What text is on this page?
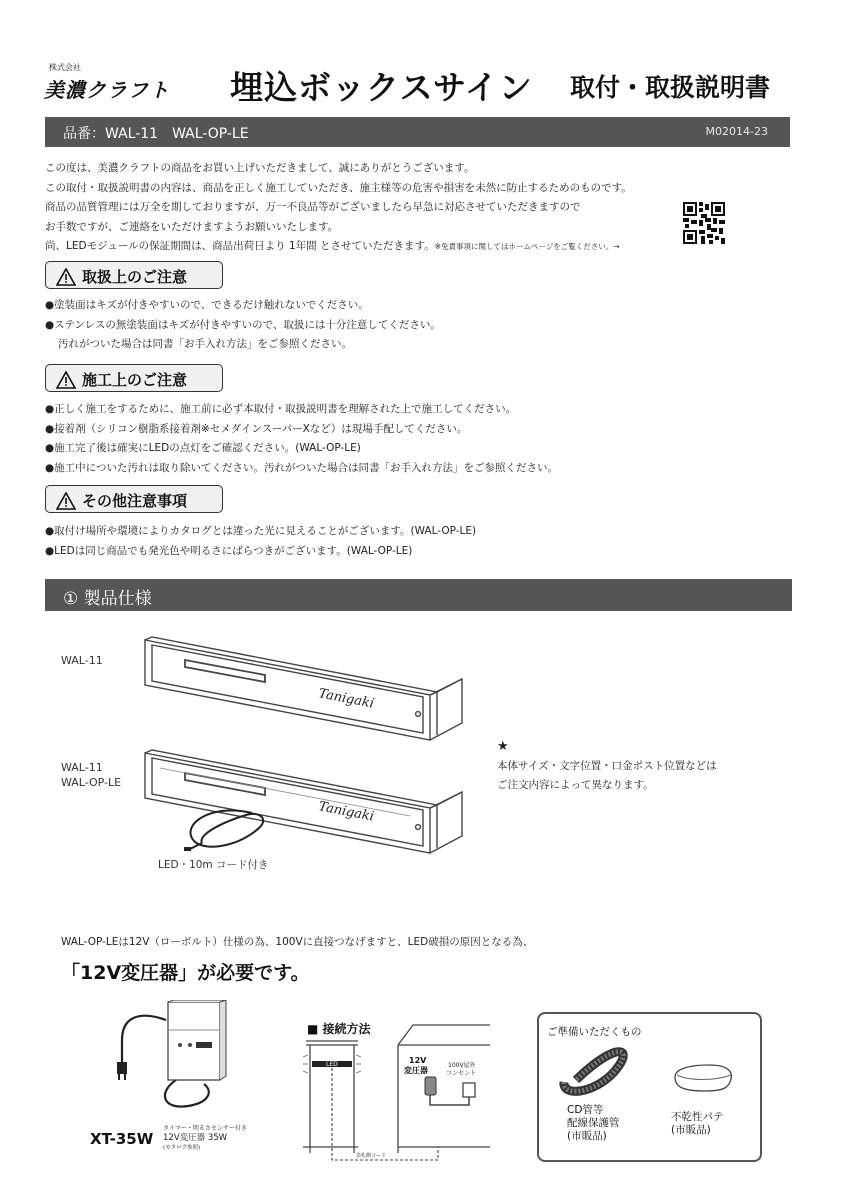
株式会社
美濃クラフト 埋込ボックスサイン 取付・取扱説明書
品番：WAL-11　WAL-OP-LE	M02014-23
この度は、美濃クラフトの商品をお買い上げいただきまして、誠にありがとうございます。
この取付・取扱説明書の内容は、商品を正しく施工していただき、施主様等の危害や損害を未然に防止するためのものです。
商品の品質管理には万全を期しておりますが、万一不良品等がございましたら早急に対応させていただきますので
お手数ですが、ご連絡をいただけますようお願いいたします。
尚、LEDモジュールの保証期間は、商品出荷日より 1年間 とさせていただきます。※免責事項に関してはホームページをご覧ください。→
取扱上のご注意
●塗装面はキズが付きやすいので、できるだけ触れないでください。
●ステンレスの無塗装面はキズが付きやすいので、取扱には十分注意してください。
汚れがついた場合は同書「お手入れ方法」をご参照ください。
施工上のご注意
●正しく施工をするために、施工前に必ず本取付・取扱説明書を理解された上で施工してください。
●接着剤（シリコン樹脂系接着剤※セメダインスーパーXなど）は現場手配してください。
●施工完了後は確実にLEDの点灯をご確認ください。(WAL-OP-LE)
●施工中についた汚れは取り除いてください。汚れがついた場合は同書「お手入れ方法」をご参照ください。
その他注意事項
●取付け場所や環境によりカタログとは違った光に見えることがございます。(WAL-OP-LE)
●LEDは同じ商品でも発光色や明るさにばらつきがございます。(WAL-OP-LE)
① 製品仕様
WAL-11
WAL-11
WAL-OP-LE
Tanigaki
Tanigaki
LED・10m コード付き
★
本体サイズ・文字位置・口金ポスト位置などは
ご注文内容によって異なります。
WAL-OP-LEは12V（ローボルト）仕様の為、100Vに直接つなげますと、LED破損の原因となる為、
「12V変圧器」が必要です。
XT-35W
タイマー・明るさセンサー付き
12V変圧器 35W
(カタログ参照)
■ 接続方法
LED	12V
変圧器
100V屋外
コンセント
表札側コード
ご準備いただくもの
CD管等
配線保護管
(市販品)
不乾性パテ
(市販品)
